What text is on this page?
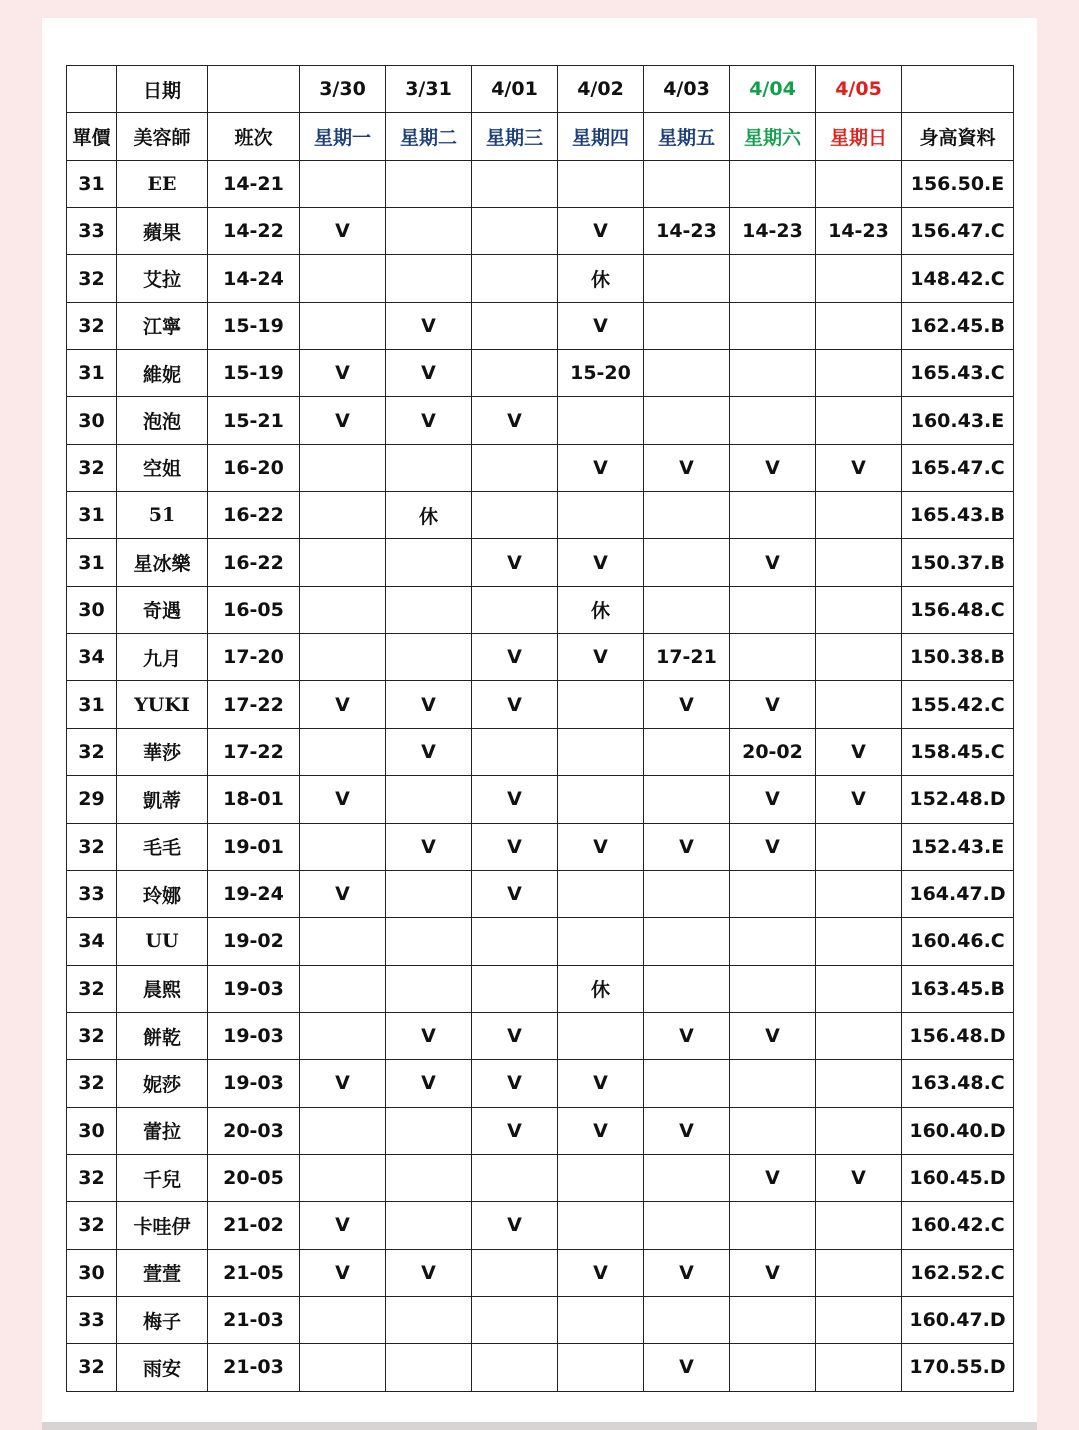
	日期		3/30	3/31	4/01	4/02	4/03	4/04	4/05	
單價	美容師	班次	星期一	星期二	星期三	星期四	星期五	星期六	星期日	身高資料
31	EE	14-21								156.50.E
33	蘋果	14-22	V			V	14-23	14-23	14-23	156.47.C
32	艾拉	14-24				休				148.42.C
32	江寧	15-19		V		V				162.45.B
31	維妮	15-19	V	V		15-20				165.43.C
30	泡泡	15-21	V	V	V					160.43.E
32	空姐	16-20				V	V	V	V	165.47.C
31	51	16-22		休						165.43.B
31	星冰樂	16-22			V	V		V		150.37.B
30	奇遇	16-05				休				156.48.C
34	九月	17-20			V	V	17-21			150.38.B
31	YUKI	17-22	V	V	V		V	V		155.42.C
32	華莎	17-22		V				20-02	V	158.45.C
29	凱蒂	18-01	V		V			V	V	152.48.D
32	毛毛	19-01		V	V	V	V	V		152.43.E
33	玲娜	19-24	V		V					164.47.D
34	UU	19-02								160.46.C
32	晨熙	19-03				休				163.45.B
32	餅乾	19-03		V	V		V	V		156.48.D
32	妮莎	19-03	V	V	V	V				163.48.C
30	蕾拉	20-03			V	V	V			160.40.D
32	千兒	20-05						V	V	160.45.D
32	卡哇伊	21-02	V		V					160.42.C
30	萱萱	21-05	V	V		V	V	V		162.52.C
33	梅子	21-03								160.47.D
32	雨安	21-03					V			170.55.D
